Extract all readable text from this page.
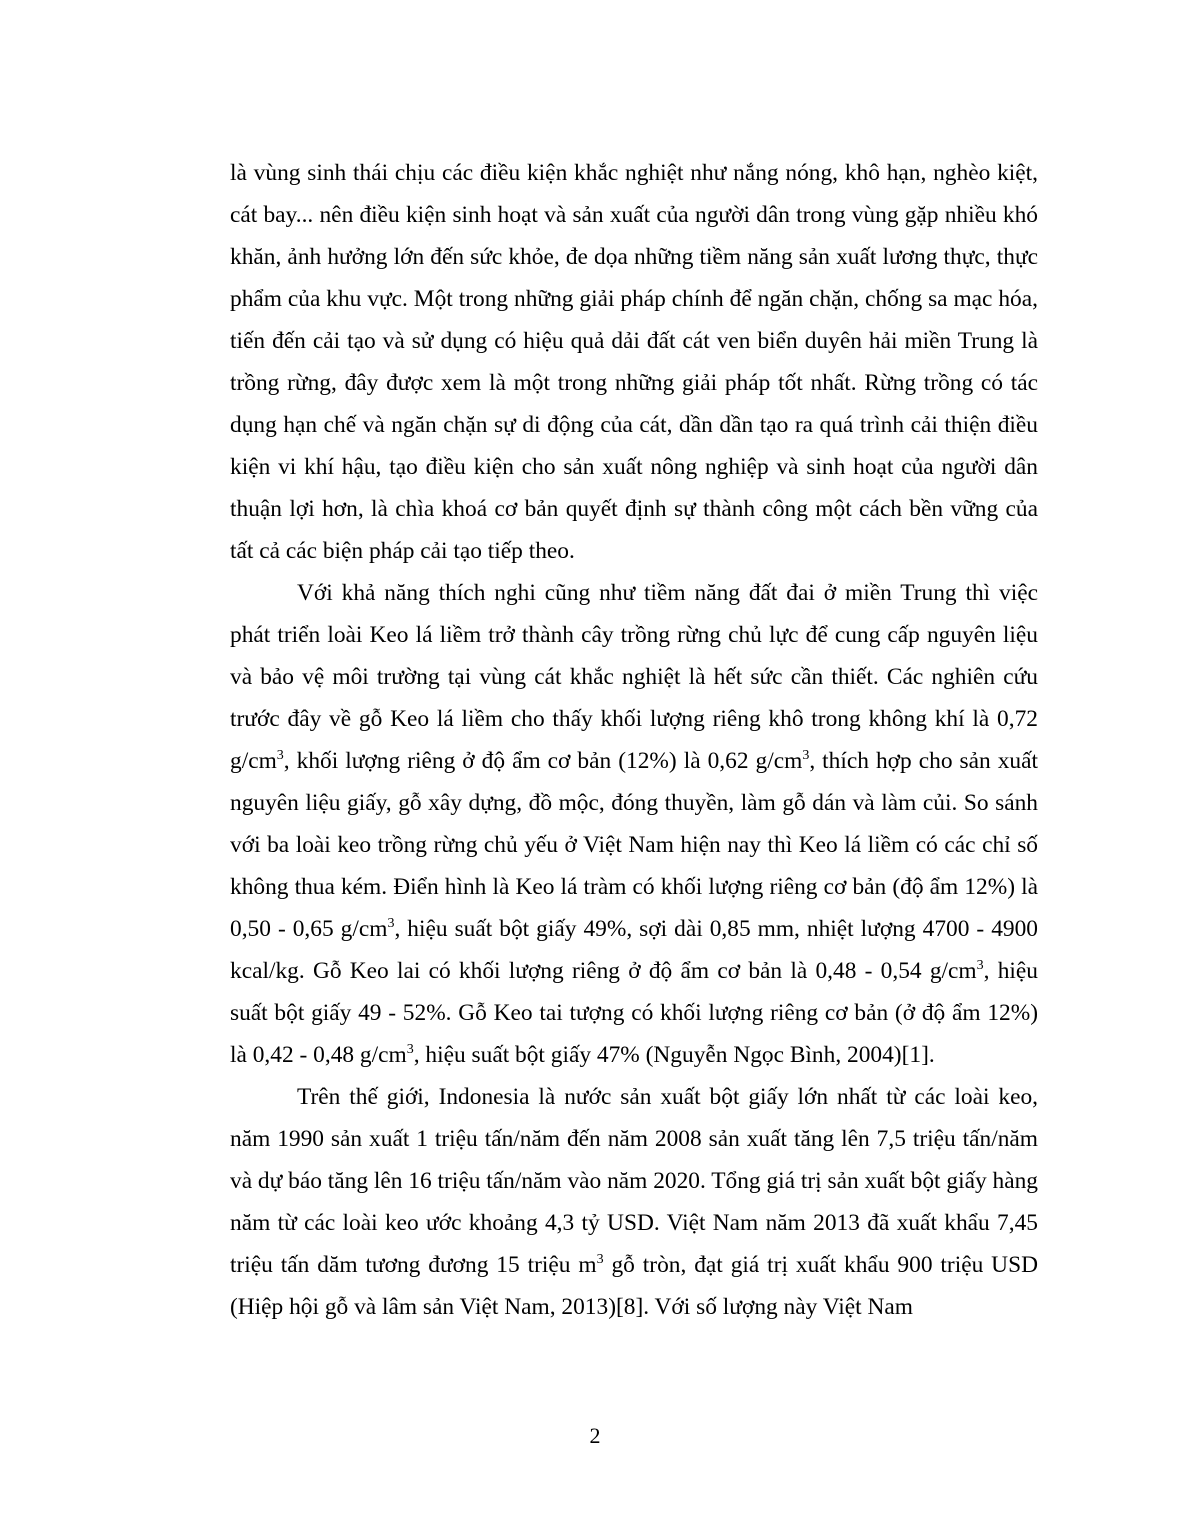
là vùng sinh thái chịu các điều kiện khắc nghiệt như nắng nóng, khô hạn, nghèo kiệt, cát bay... nên điều kiện sinh hoạt và sản xuất của người dân trong vùng gặp nhiều khó khăn, ảnh hưởng lớn đến sức khỏe, đe dọa những tiềm năng sản xuất lương thực, thực phẩm của khu vực. Một trong những giải pháp chính để ngăn chặn, chống sa mạc hóa, tiến đến cải tạo và sử dụng có hiệu quả dải đất cát ven biển duyên hải miền Trung là trồng rừng, đây được xem là một trong những giải pháp tốt nhất. Rừng trồng có tác dụng hạn chế và ngăn chặn sự di động của cát, dần dần tạo ra quá trình cải thiện điều kiện vi khí hậu, tạo điều kiện cho sản xuất nông nghiệp và sinh hoạt của người dân thuận lợi hơn, là chìa khoá cơ bản quyết định sự thành công một cách bền vững của tất cả các biện pháp cải tạo tiếp theo.

Với khả năng thích nghi cũng như tiềm năng đất đai ở miền Trung thì việc phát triển loài Keo lá liềm trở thành cây trồng rừng chủ lực để cung cấp nguyên liệu và bảo vệ môi trường tại vùng cát khắc nghiệt là hết sức cần thiết. Các nghiên cứu trước đây về gỗ Keo lá liềm cho thấy khối lượng riêng khô trong không khí là 0,72 $g/cm^3$, khối lượng riêng ở độ ẩm cơ bản (12%) là 0,62 $g/cm^3$, thích hợp cho sản xuất nguyên liệu giấy, gỗ xây dựng, đồ mộc, đóng thuyền, làm gỗ dán và làm củi. So sánh với ba loài keo trồng rừng chủ yếu ở Việt Nam hiện nay thì Keo lá liềm có các chỉ số không thua kém. Điển hình là Keo lá tràm có khối lượng riêng cơ bản (độ ẩm 12%) là 0,50 - 0,65 $g/cm^3$, hiệu suất bột giấy 49%, sợi dài 0,85 mm, nhiệt lượng 4700 - 4900 kcal/kg. Gỗ Keo lai có khối lượng riêng ở độ ẩm cơ bản là 0,48 - 0,54 $g/cm^3$, hiệu suất bột giấy 49 - 52%. Gỗ Keo tai tượng có khối lượng riêng cơ bản (ở độ ẩm 12%) là 0,42 - 0,48 $g/cm^3$, hiệu suất bột giấy 47% (Nguyễn Ngọc Bình, 2004)[1].

Trên thế giới, Indonesia là nước sản xuất bột giấy lớn nhất từ các loài keo, năm 1990 sản xuất 1 triệu tấn/năm đến năm 2008 sản xuất tăng lên 7,5 triệu tấn/năm và dự báo tăng lên 16 triệu tấn/năm vào năm 2020. Tổng giá trị sản xuất bột giấy hàng năm từ các loài keo ước khoảng 4,3 tỷ USD. Việt Nam năm 2013 đã xuất khẩu 7,45 triệu tấn dăm tương đương 15 triệu $m^3$ gỗ tròn, đạt giá trị xuất khẩu 900 triệu USD (Hiệp hội gỗ và lâm sản Việt Nam, 2013)[8]. Với số lượng này Việt Nam

2
